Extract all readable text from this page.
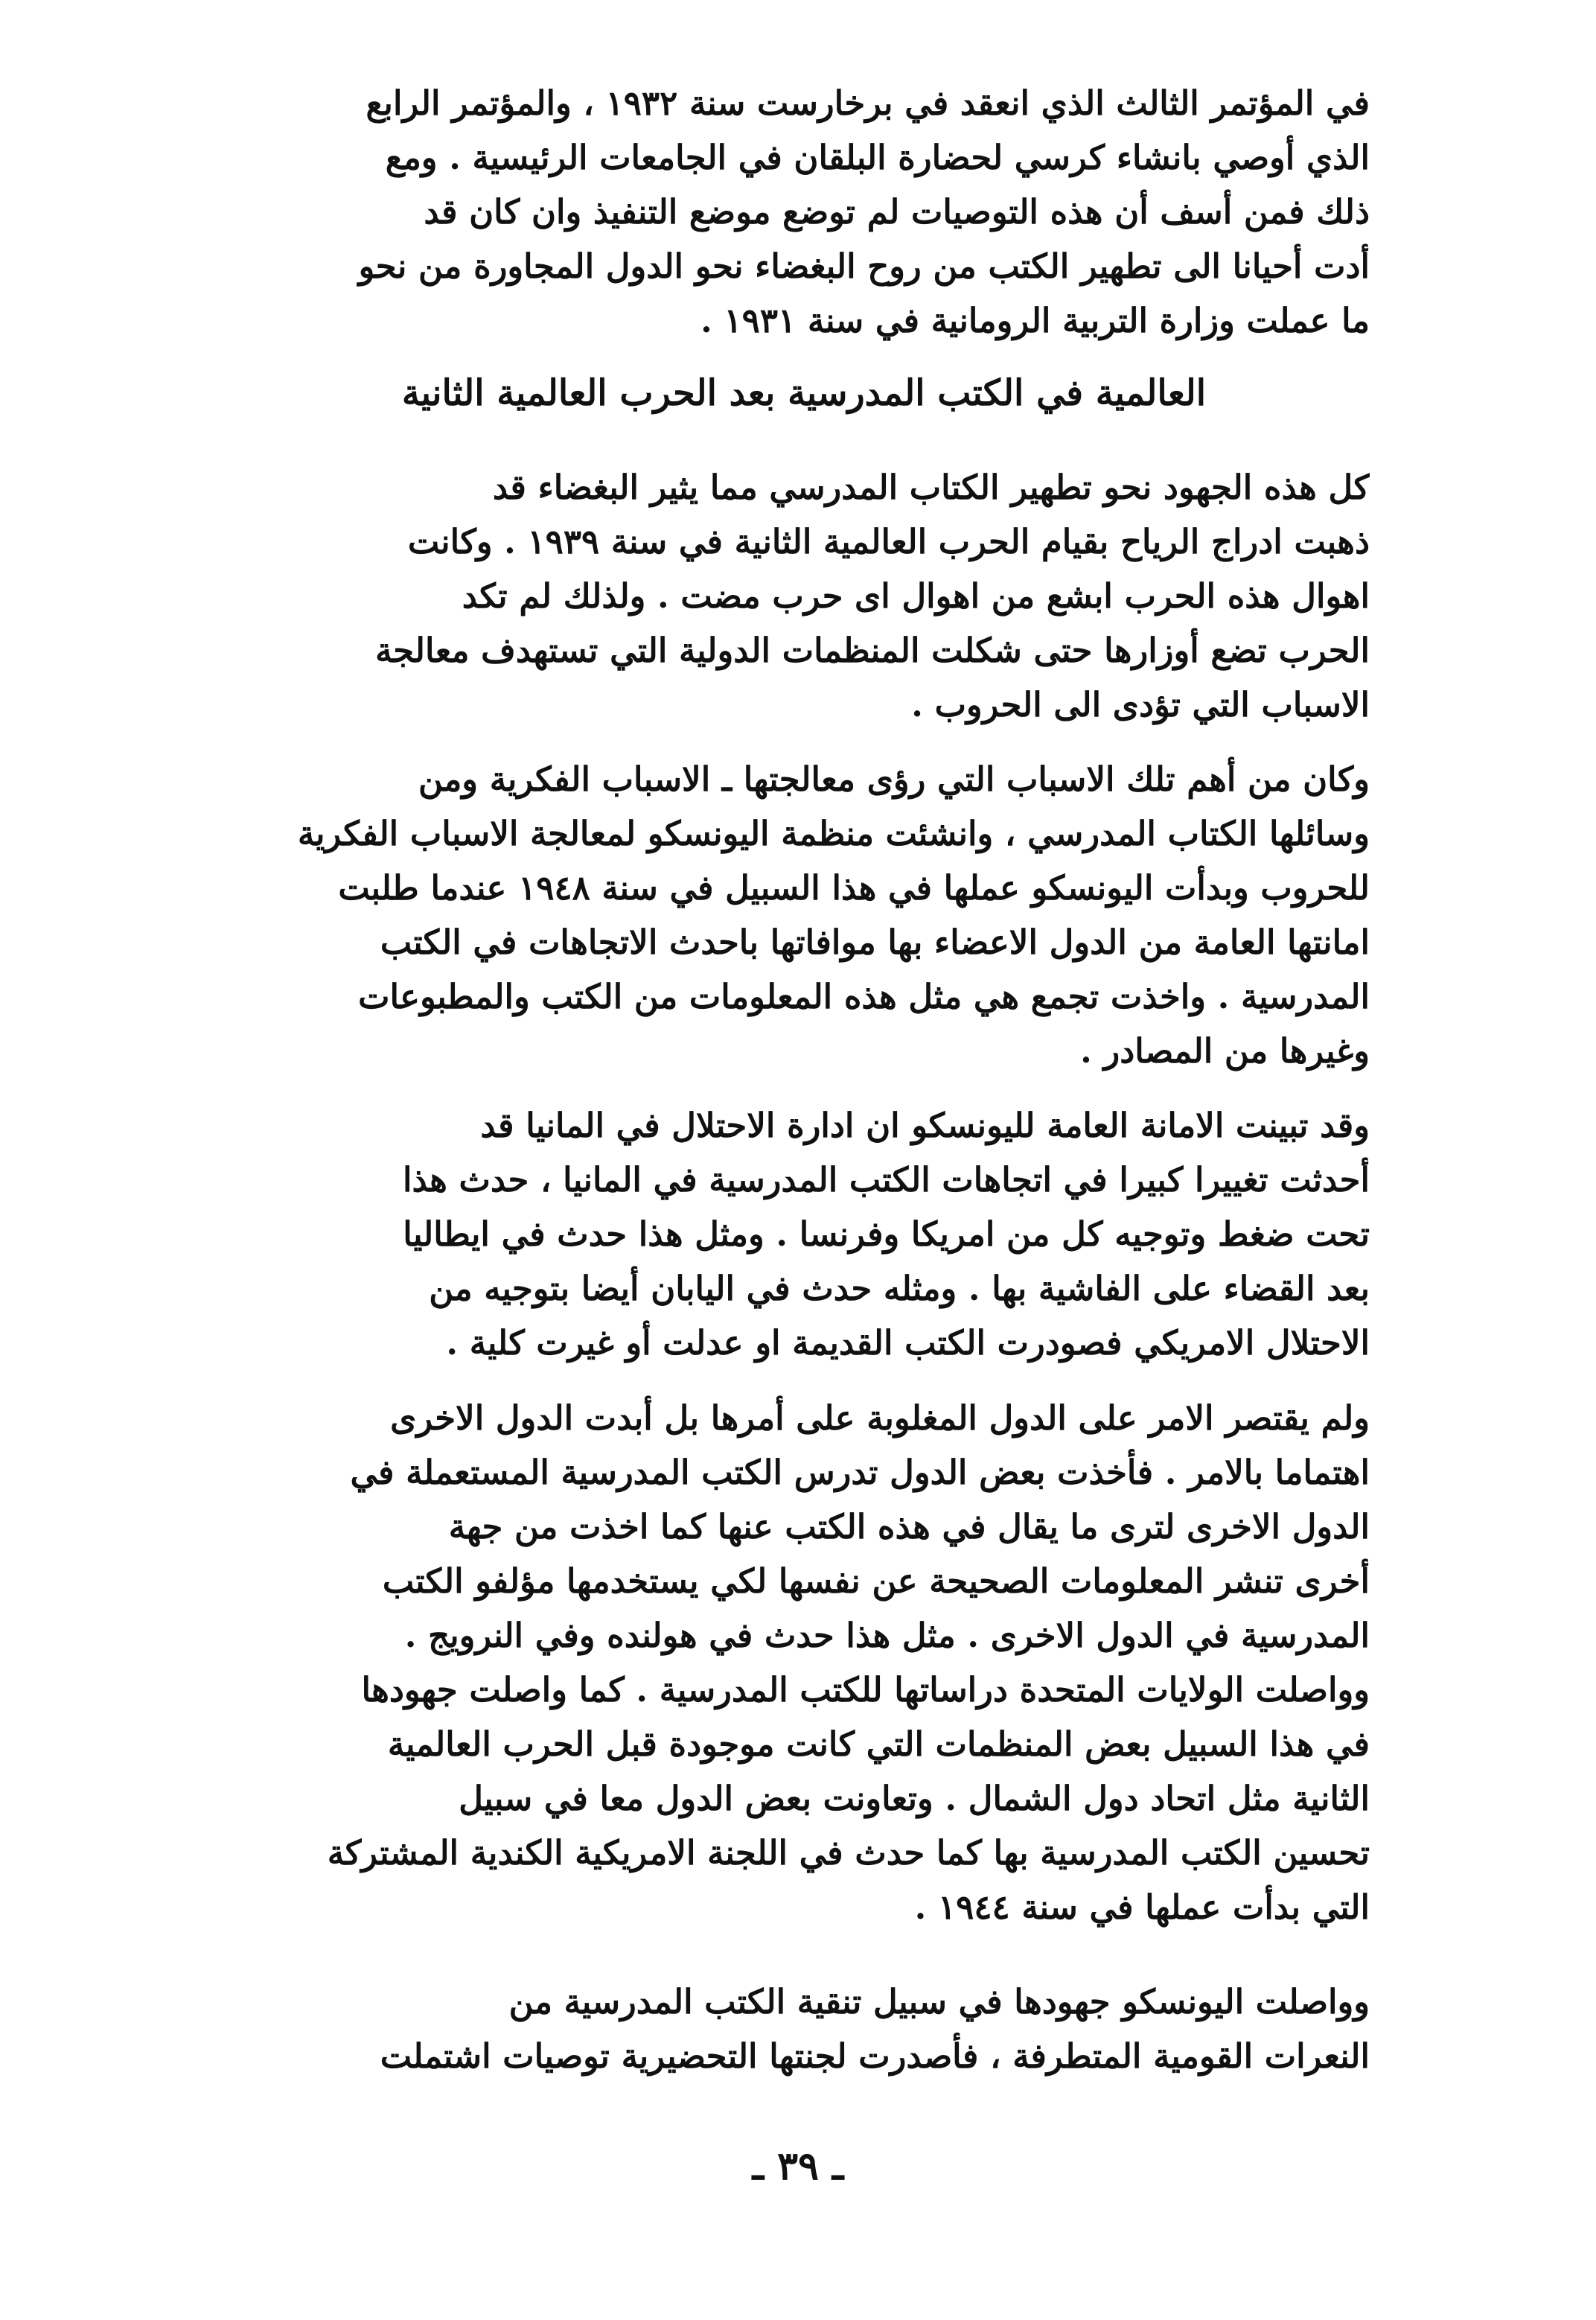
في المؤتمر الثالث الذي انعقد في برخارست سنة ١٩٣٢ ، والمؤتمر الرابع
الذي أوصي بانشاء كرسي لحضارة البلقان في الجامعات الرئيسية . ومع
ذلك فمن أسف أن هذه التوصيات لم توضع موضع التنفيذ وان كان قد
أدت أحيانا الى تطهير الكتب من روح البغضاء نحو الدول المجاورة من نحو
ما عملت وزارة التربية الرومانية في سنة ١٩٣١ .
العالمية في الكتب المدرسية بعد الحرب العالمية الثانية
كل هذه الجهود نحو تطهير الكتاب المدرسي مما يثير البغضاء قد
ذهبت ادراج الرياح بقيام الحرب العالمية الثانية في سنة ١٩٣٩ . وكانت
اهوال هذه الحرب ابشع من اهوال اى حرب مضت . ولذلك لم تكد
الحرب تضع أوزارها حتى شكلت المنظمات الدولية التي تستهدف معالجة
الاسباب التي تؤدى الى الحروب .
وكان من أهم تلك الاسباب التي رؤى معالجتها ـ الاسباب الفكرية ومن
وسائلها الكتاب المدرسي ، وانشئت منظمة اليونسكو لمعالجة الاسباب الفكرية
للحروب وبدأت اليونسكو عملها في هذا السبيل في سنة ١٩٤٨ عندما طلبت
امانتها العامة من الدول الاعضاء بها موافاتها باحدث الاتجاهات في الكتب
المدرسية . واخذت تجمع هي مثل هذه المعلومات من الكتب والمطبوعات
وغيرها من المصادر .
وقد تبينت الامانة العامة لليونسكو ان ادارة الاحتلال في المانيا قد
أحدثت تغييرا كبيرا في اتجاهات الكتب المدرسية في المانيا ، حدث هذا
تحت ضغط وتوجيه كل من امريكا وفرنسا . ومثل هذا حدث في ايطاليا
بعد القضاء على الفاشية بها . ومثله حدث في اليابان أيضا بتوجيه من
الاحتلال الامريكي فصودرت الكتب القديمة او عدلت أو غيرت كلية .
ولم يقتصر الامر على الدول المغلوبة على أمرها بل أبدت الدول الاخرى
اهتماما بالامر . فأخذت بعض الدول تدرس الكتب المدرسية المستعملة في
الدول الاخرى لترى ما يقال في هذه الكتب عنها كما اخذت من جهة
أخرى تنشر المعلومات الصحيحة عن نفسها لكي يستخدمها مؤلفو الكتب
المدرسية في الدول الاخرى . مثل هذا حدث في هولنده وفي النرويج .
وواصلت الولايات المتحدة دراساتها للكتب المدرسية . كما واصلت جهودها
في هذا السبيل بعض المنظمات التي كانت موجودة قبل الحرب العالمية
الثانية مثل اتحاد دول الشمال . وتعاونت بعض الدول معا في سبيل
تحسين الكتب المدرسية بها كما حدث في اللجنة الامريكية الكندية المشتركة
التي بدأت عملها في سنة ١٩٤٤ .
وواصلت اليونسكو جهودها في سبيل تنقية الكتب المدرسية من
النعرات القومية المتطرفة ، فأصدرت لجنتها التحضيرية توصيات اشتملت
ـ ٣٩ ـ
